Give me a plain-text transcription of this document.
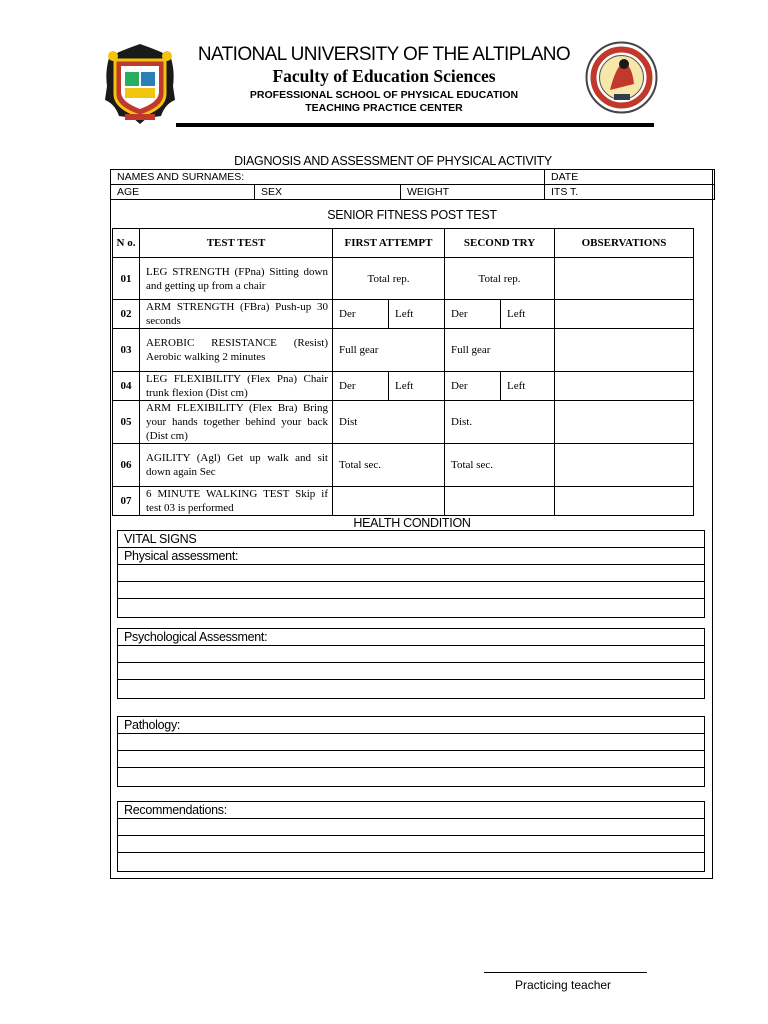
NATIONAL UNIVERSITY OF THE ALTIPLANO
Faculty of Education Sciences
PROFESSIONAL SCHOOL OF PHYSICAL EDUCATION
TEACHING PRACTICE CENTER
DIAGNOSIS AND ASSESSMENT OF PHYSICAL ACTIVITY
NAMES AND SURNAMES:			DATE
AGE	SEX	WEIGHT	ITS T.
SENIOR FITNESS POST TEST
N o.	TEST TEST	FIRST ATTEMPT		SECOND TRY		OBSERVATIONS
01	LEG STRENGTH (FPna) Sitting down and getting up from a chair	Total rep.		Total rep.		
02	ARM STRENGTH (FBra) Push-up 30 seconds	Der	Left	Der	Left	
03	AEROBIC RESISTANCE (Resist) Aerobic walking 2 minutes	Full gear		Full gear		
04	LEG FLEXIBILITY (Flex Pna) Chair trunk flexion (Dist cm)	Der	Left	Der	Left	
05	ARM FLEXIBILITY (Flex Bra) Bring your hands together behind your back (Dist cm)	Dist		Dist.		
06	AGILITY (Agl) Get up walk and sit down again Sec	Total sec.		Total sec.		
07	6 MINUTE WALKING TEST Skip if test 03 is performed					
HEALTH CONDITION
VITAL SIGNS
Physical assessment:
Psychological Assessment:
Pathology:
Recommendations:
Practicing teacher
